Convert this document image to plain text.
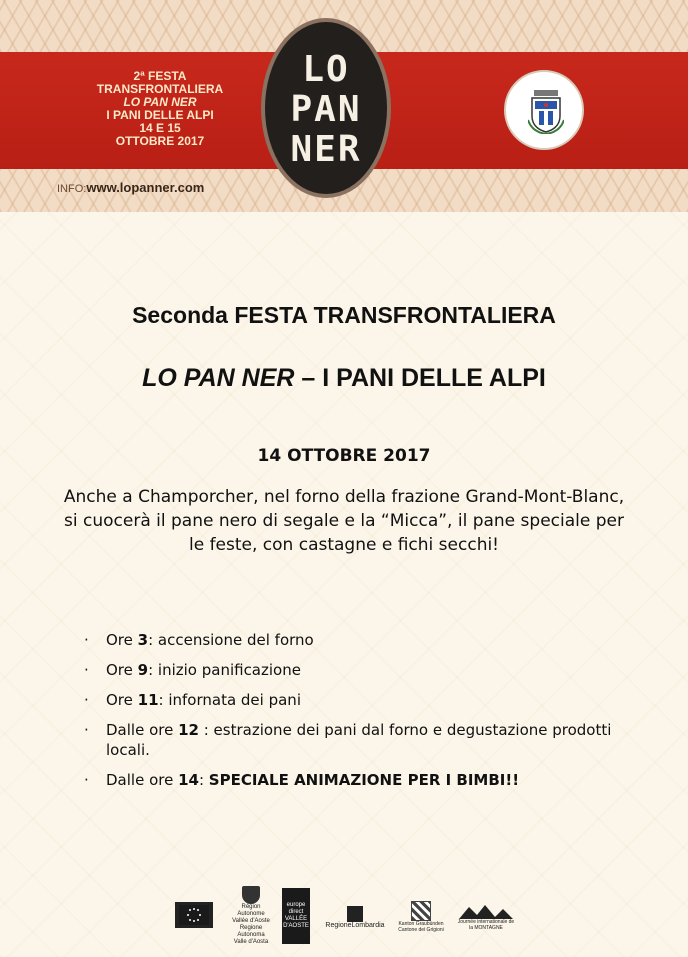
2ª FESTA
TRANSFRONTALIERA
LO PAN NER
I PANI DELLE ALPI
14 E 15
OTTOBRE 2017
INFO:www.lopanner.com
LO
PAN
NER
Seconda FESTA TRANSFRONTALIERA
LO PAN NER – I PANI DELLE ALPI
14 OTTOBRE 2017
Anche a Champorcher, nel forno della frazione Grand-Mont-Blanc, si cuocerà il pane nero di segale e la “Micca”, il pane speciale per le feste, con castagne e fichi secchi!
· Ore 3: accensione del forno
· Ore 9: inizio panificazione
· Ore 11: infornata dei pani
· Dalle ore 12 : estrazione dei pani dal forno e degustazione prodotti locali.
· Dalle ore 14: SPECIALE ANIMAZIONE PER I BIMBI!!
Région Autonome
Vallée d'Aoste
Regione Autonoma
Valle d'Aosta
europe
direct
VALLÉE
D'AOSTE RegioneLombardia	Kanton Graubünden
Cantone dei Grigioni
Journée internationale de
la MONTAGNE
